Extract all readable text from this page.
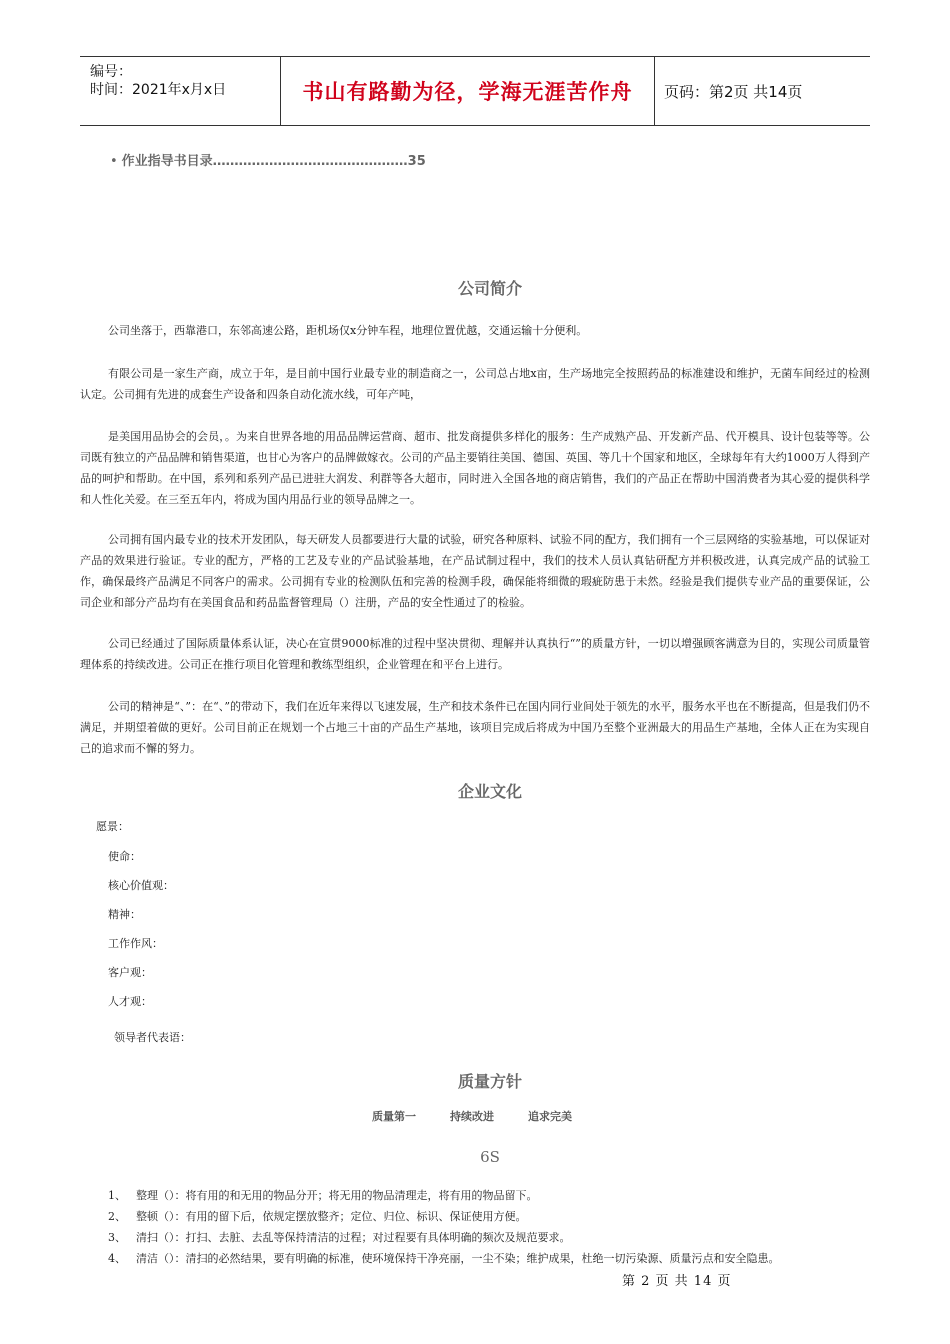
编号：
时间：2021年x月x日	书山有路勤为径，学海无涯苦作舟	页码：第2页 共14页
• 作业指导书目录………………………………………35
公司简介
公司坐落于，西靠港口，东邻高速公路，距机场仅x分钟车程，地理位置优越，交通运输十分便利。
有限公司是一家生产商，成立于年，是目前中国行业最专业的制造商之一，公司总占地x亩，生产场地完全按照药品的标准建设和维护，无菌车间经过的检测认定。公司拥有先进的成套生产设备和四条自动化流水线，可年产吨，
是美国用品协会的会员，。为来自世界各地的用品品牌运营商、超市、批发商提供多样化的服务：生产成熟产品、开发新产品、代开模具、设计包装等等。公司既有独立的产品品牌和销售渠道，也甘心为客户的品牌做嫁衣。公司的产品主要销往美国、德国、英国、等几十个国家和地区，全球每年有大约1000万人得到产品的呵护和帮助。在中国，系列和系列产品已进驻大润发、利群等各大超市，同时进入全国各地的商店销售，我们的产品正在帮助中国消费者为其心爱的提供科学和人性化关爱。在三至五年内，将成为国内用品行业的领导品牌之一。
公司拥有国内最专业的技术开发团队，每天研发人员都要进行大量的试验，研究各种原料、试验不同的配方，我们拥有一个三层网络的实验基地，可以保证对产品的效果进行验证。专业的配方，严格的工艺及专业的产品试验基地，在产品试制过程中，我们的技术人员认真钻研配方并积极改进，认真完成产品的试验工作，确保最终产品满足不同客户的需求。公司拥有专业的检测队伍和完善的检测手段，确保能将细微的瑕疵防患于未然。经验是我们提供专业产品的重要保证，公司企业和部分产品均有在美国食品和药品监督管理局（）注册，产品的安全性通过了的检验。
公司已经通过了国际质量体系认证，决心在宣贯9000标准的过程中坚决贯彻、理解并认真执行“”的质量方针，一切以增强顾客满意为目的，实现公司质量管理体系的持续改进。公司正在推行项目化管理和教练型组织，企业管理在和平台上进行。
公司的精神是“、”：在“、”的带动下，我们在近年来得以飞速发展，生产和技术条件已在国内同行业间处于领先的水平，服务水平也在不断提高，但是我们仍不满足，并期望着做的更好。公司目前正在规划一个占地三十亩的产品生产基地，该项目完成后将成为中国乃至整个亚洲最大的用品生产基地，全体人正在为实现自己的追求而不懈的努力。
企业文化
愿景：
使命：
核心价值观：
精神：
工作作风：
客户观：
人才观：
领导者代表语：
质量方针
质量第一	持续改进	追求完美
6S
1、 整理（）：将有用的和无用的物品分开；将无用的物品清理走，将有用的物品留下。
2、 整顿（）：有用的留下后，依规定摆放整齐；定位、归位、标识、保证使用方便。
3、 清扫（）：打扫、去脏、去乱等保持清洁的过程；对过程要有具体明确的频次及规范要求。
4、 清洁（）：清扫的必然结果，要有明确的标准，使环境保持干净亮丽，一尘不染；维护成果，杜绝一切污染源、质量污点和安全隐患。
第 2 页 共 14 页
